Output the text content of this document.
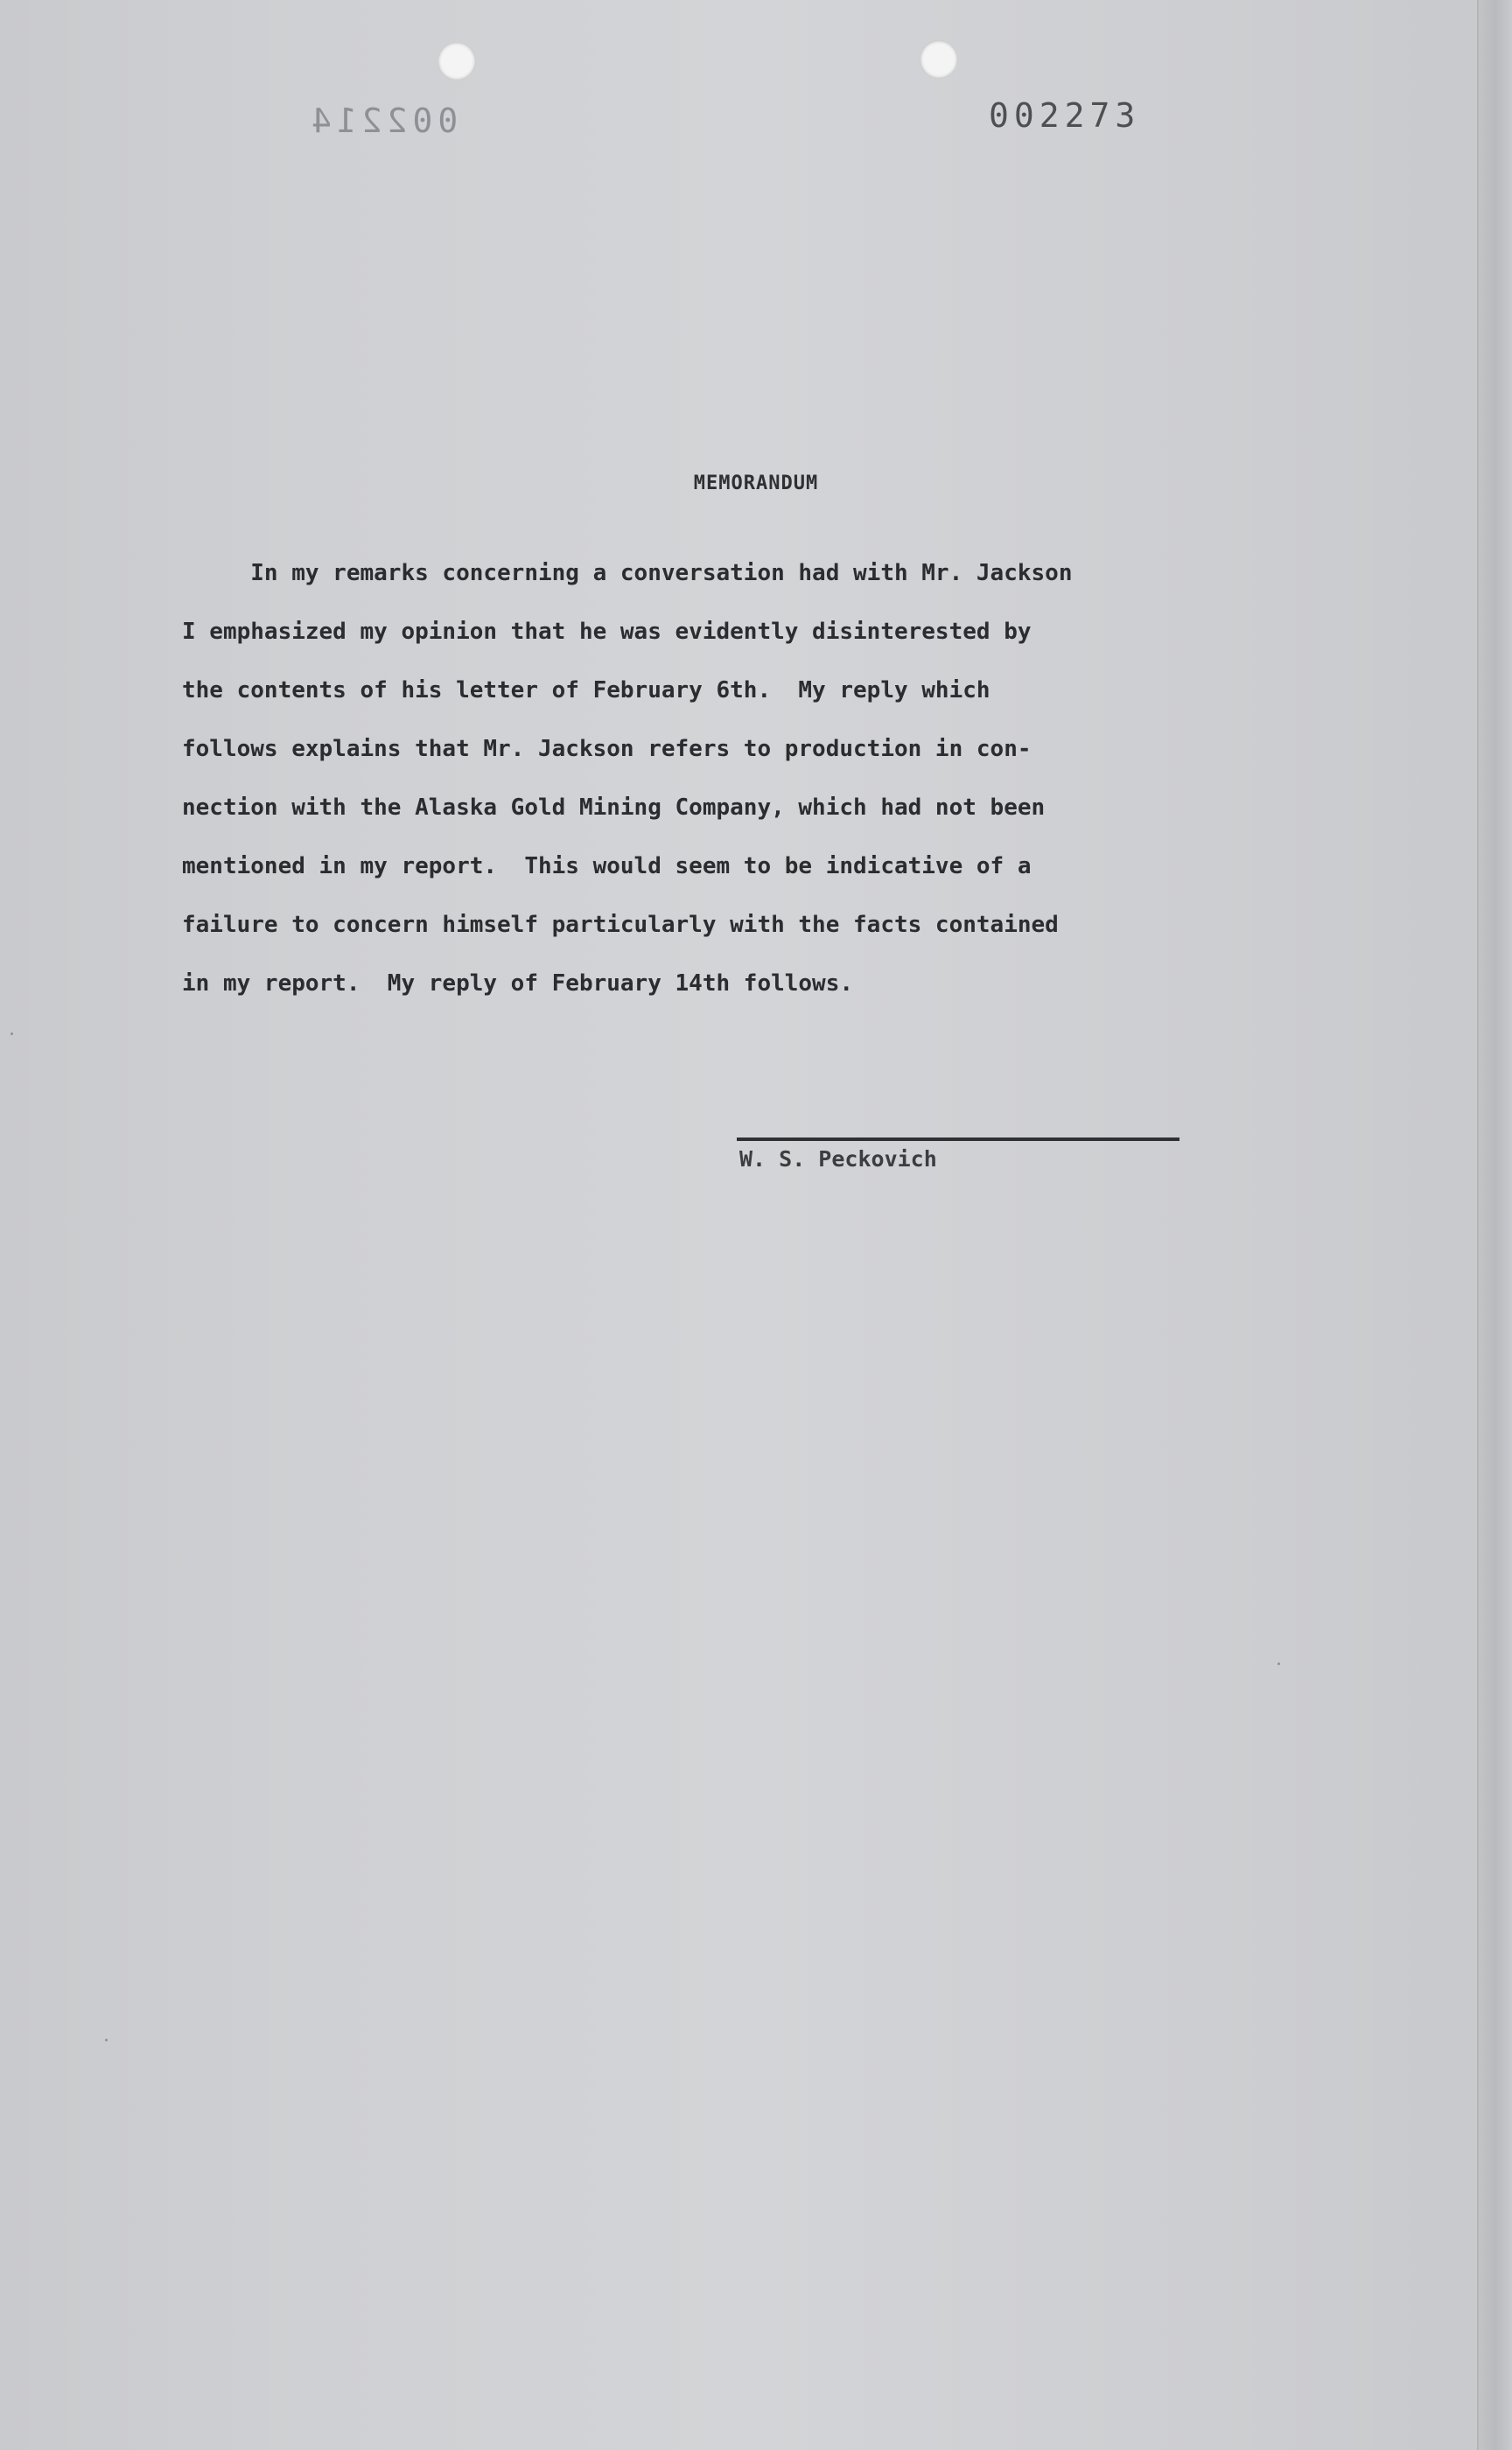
002214	002273
MEMORANDUM
In my remarks concerning a conversation had with Mr. Jackson
I emphasized my opinion that he was evidently disinterested by
the contents of his letter of February 6th.  My reply which
follows explains that Mr. Jackson refers to production in con-
nection with the Alaska Gold Mining Company, which had not been
mentioned in my report.  This would seem to be indicative of a
failure to concern himself particularly with the facts contained
in my report.  My reply of February 14th follows.
W. S. Peckovich
